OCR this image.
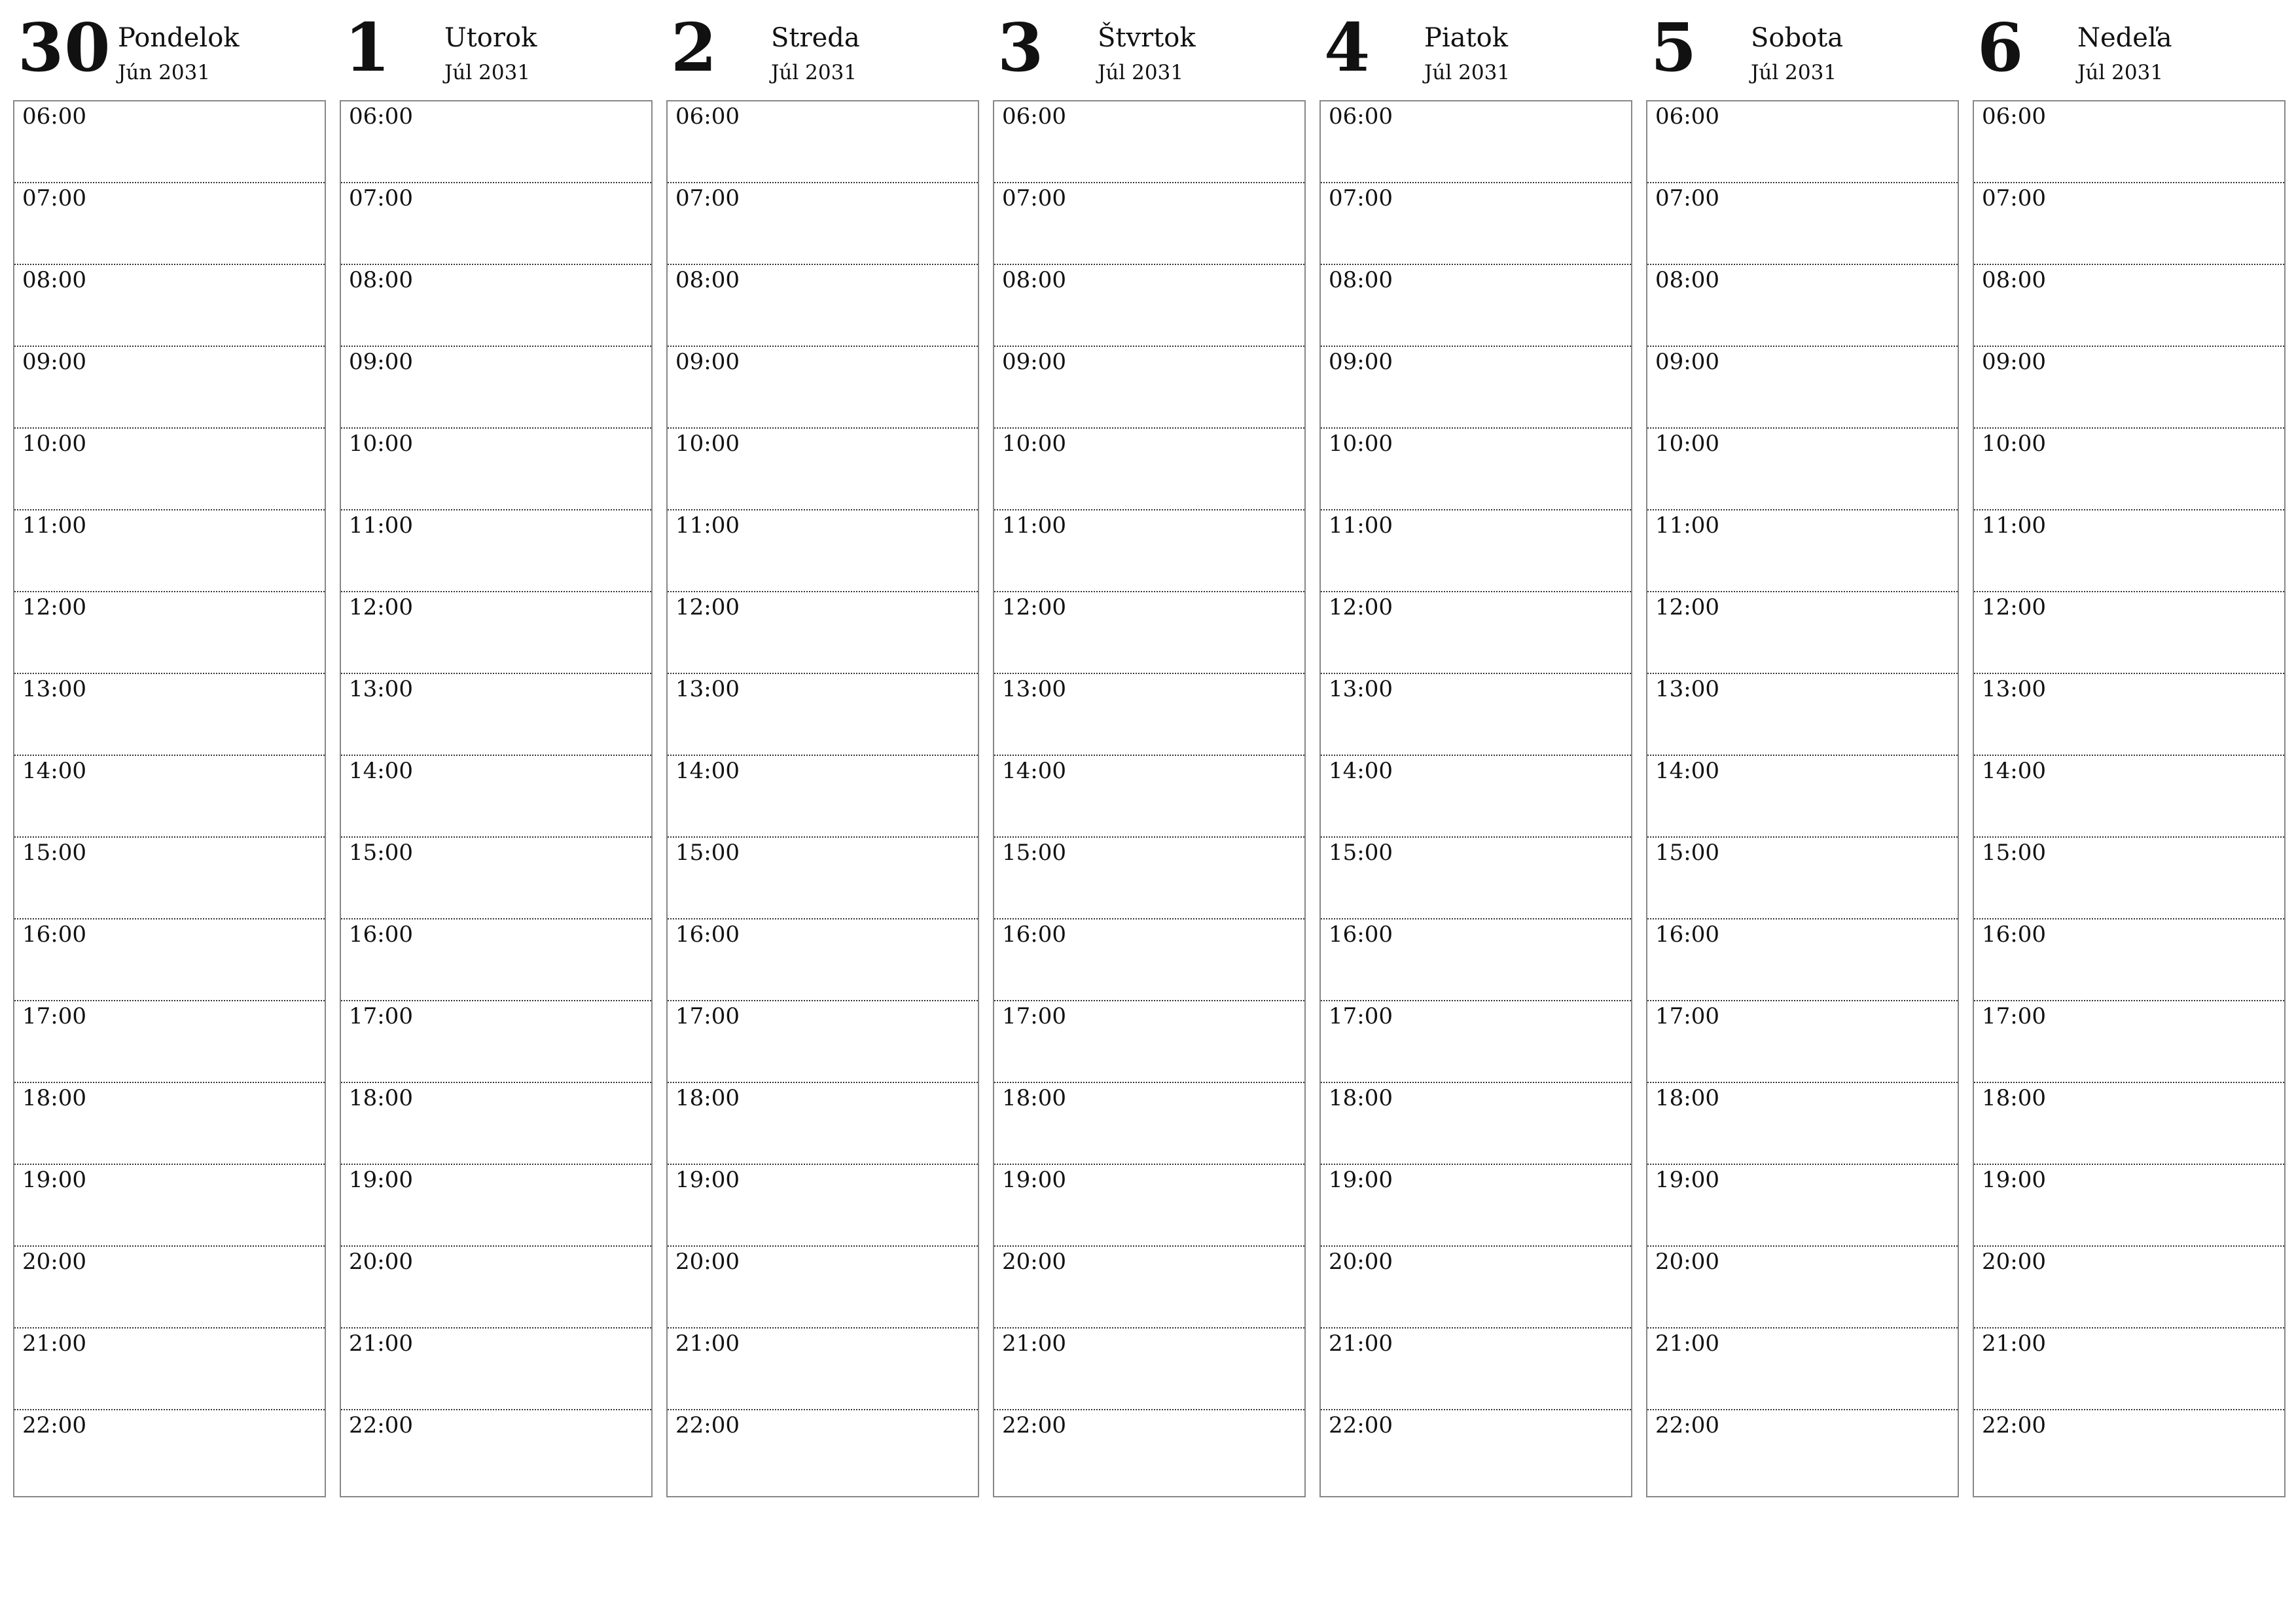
30 Pondelok
Jún 2031
06:00
07:00
08:00
09:00
10:00
11:00
12:00
13:00
14:00
15:00
16:00
17:00
18:00
19:00
20:00
21:00
22:00
1 Utorok
Júl 2031
06:00
07:00
08:00
09:00
10:00
11:00
12:00
13:00
14:00
15:00
16:00
17:00
18:00
19:00
20:00
21:00
22:00
2 Streda
Júl 2031
06:00
07:00
08:00
09:00
10:00
11:00
12:00
13:00
14:00
15:00
16:00
17:00
18:00
19:00
20:00
21:00
22:00
3 Štvrtok
Júl 2031
06:00
07:00
08:00
09:00
10:00
11:00
12:00
13:00
14:00
15:00
16:00
17:00
18:00
19:00
20:00
21:00
22:00
4 Piatok
Júl 2031
06:00
07:00
08:00
09:00
10:00
11:00
12:00
13:00
14:00
15:00
16:00
17:00
18:00
19:00
20:00
21:00
22:00
5 Sobota
Júl 2031
06:00
07:00
08:00
09:00
10:00
11:00
12:00
13:00
14:00
15:00
16:00
17:00
18:00
19:00
20:00
21:00
22:00
6 Nedeľa
Júl 2031
06:00
07:00
08:00
09:00
10:00
11:00
12:00
13:00
14:00
15:00
16:00
17:00
18:00
19:00
20:00
21:00
22:00
